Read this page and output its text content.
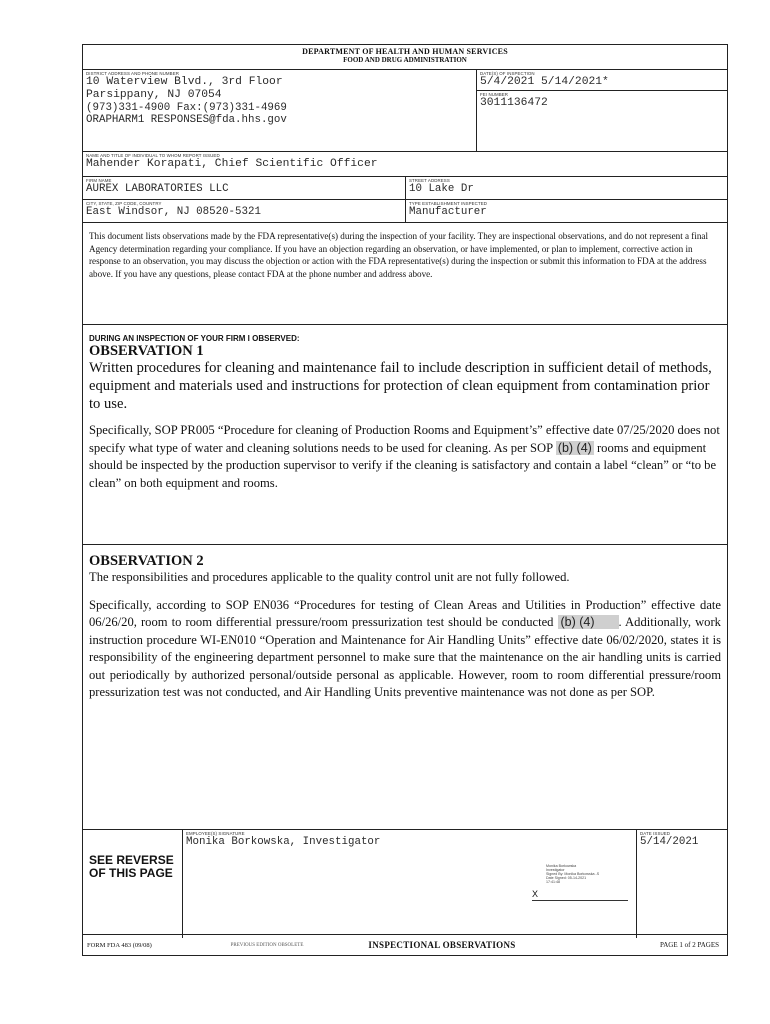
DEPARTMENT OF HEALTH AND HUMAN SERVICES
FOOD AND DRUG ADMINISTRATION
DISTRICT ADDRESS AND PHONE NUMBER
10 Waterview Blvd., 3rd Floor
Parsippany, NJ 07054
(973)331-4900 Fax:(973)331-4969
ORAPHARM1 RESPONSES@fda.hhs.gov
DATE(S) OF INSPECTION
5/4/2021 5/14/2021*
FEI NUMBER
3011136472
NAME AND TITLE OF INDIVIDUAL TO WHOM REPORT ISSUED
Mahender Korapati, Chief Scientific Officer
FIRM NAME
AUREX LABORATORIES LLC
STREET ADDRESS
10 Lake Dr
CITY, STATE, ZIP CODE, COUNTRY
East Windsor, NJ 08520-5321
TYPE ESTABLISHMENT INSPECTED
Manufacturer
This document lists observations made by the FDA representative(s) during the inspection of your facility. They are inspectional observations, and do not represent a final Agency determination regarding your compliance. If you have an objection regarding an observation, or have implemented, or plan to implement, corrective action in response to an observation, you may discuss the objection or action with the FDA representative(s) during the inspection or submit this information to FDA at the address above. If you have any questions, please contact FDA at the phone number and address above.
DURING AN INSPECTION OF YOUR FIRM I OBSERVED:
OBSERVATION 1
Written procedures for cleaning and maintenance fail to include description in sufficient detail of methods, equipment and materials used and instructions for protection of clean equipment from contamination prior to use.
Specifically, SOP PR005 “Procedure for cleaning of Production Rooms and Equipment’s” effective date 07/25/2020 does not specify what type of water and cleaning solutions needs to be used for cleaning. As per SOP (b) (4) rooms and equipment should be inspected by the production supervisor to verify if the cleaning is satisfactory and contain a label “clean” or “to be clean” on both equipment and rooms.
OBSERVATION 2
The responsibilities and procedures applicable to the quality control unit are not fully followed.
Specifically, according to SOP EN036 “Procedures for testing of Clean Areas and Utilities in Production” effective date 06/26/20, room to room differential pressure/room pressurization test should be conducted (b) (4) . Additionally, work instruction procedure WI-EN010 “Operation and Maintenance for Air Handling Units” effective date 06/02/2020, states it is responsibility of the engineering department personnel to make sure that the maintenance on the air handling units is carried out periodically by authorized personal/outside personal as applicable. However, room to room differential pressure/room pressurization test was not conducted, and Air Handling Units preventive maintenance was not done as per SOP.
SEE REVERSE OF THIS PAGE
EMPLOYEE(S) SIGNATURE
Monika Borkowska, Investigator
X
Monika Borkowska
Investigator
Signed By: Monika Borkowska -S
Date Signed: 05-14-2021
17:41:48
DATE ISSUED
5/14/2021
FORM FDA 483 (09/08)	PREVIOUS EDITION OBSOLETE	INSPECTIONAL OBSERVATIONS	PAGE 1 of 2 PAGES
